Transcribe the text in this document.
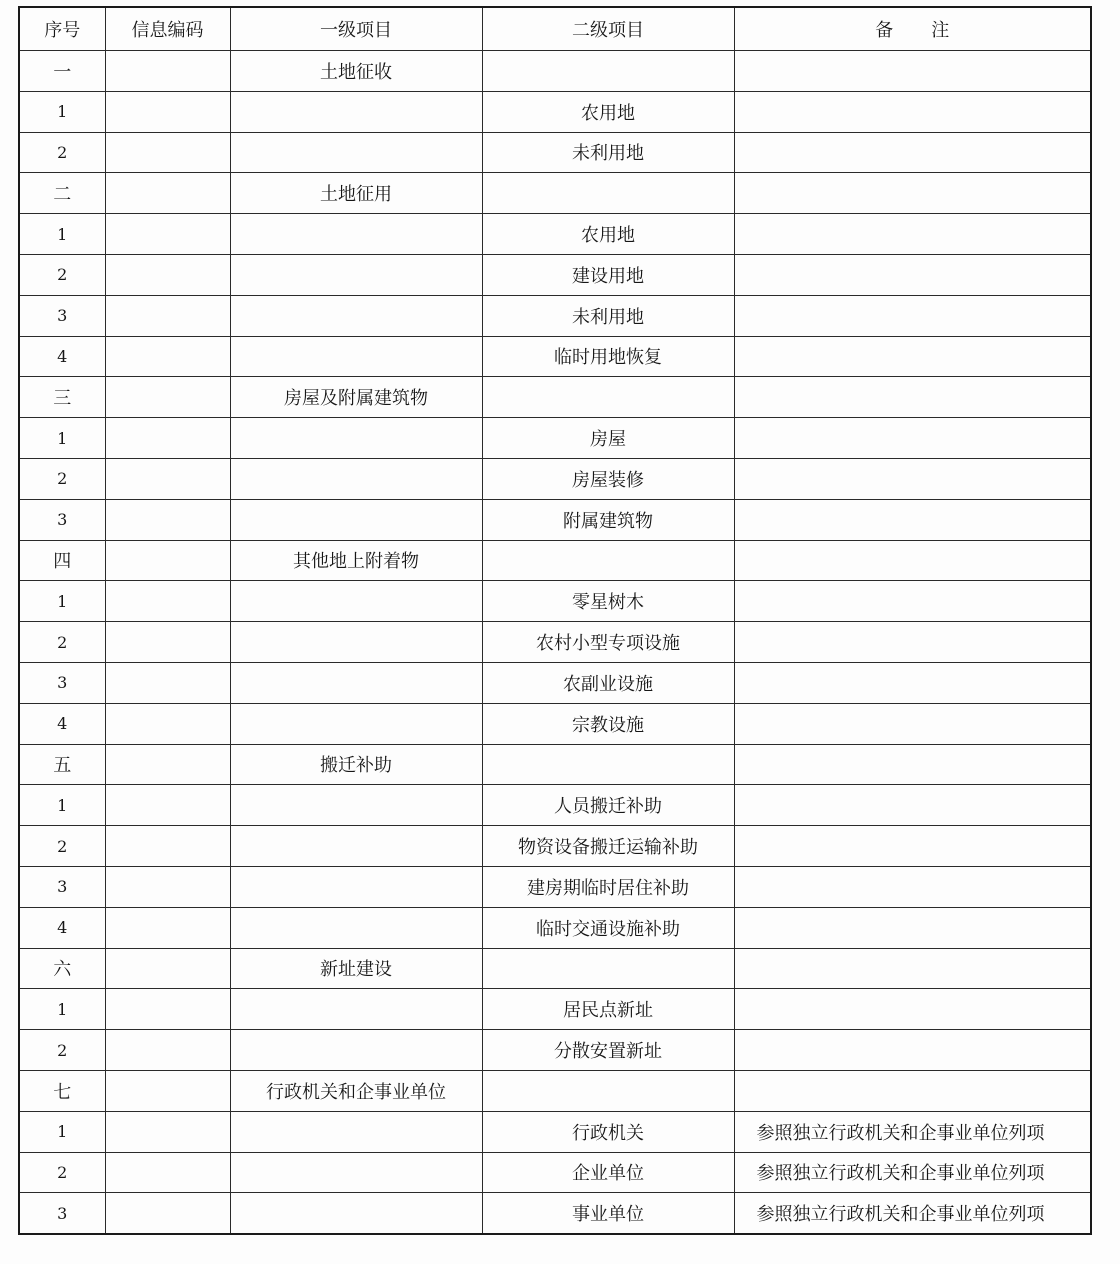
序号	信息编码	一级项目	二级项目	备注
一		土地征收		
1			农用地	
2			未利用地	
二		土地征用		
1			农用地	
2			建设用地	
3			未利用地	
4			临时用地恢复	
三		房屋及附属建筑物		
1			房屋	
2			房屋装修	
3			附属建筑物	
四		其他地上附着物		
1			零星树木	
2			农村小型专项设施	
3			农副业设施	
4			宗教设施	
五		搬迁补助		
1			人员搬迁补助	
2			物资设备搬迁运输补助	
3			建房期临时居住补助	
4			临时交通设施补助	
六		新址建设		
1			居民点新址	
2			分散安置新址	
七		行政机关和企事业单位		
1			行政机关	参照独立行政机关和企事业单位列项
2			企业单位	参照独立行政机关和企事业单位列项
3			事业单位	参照独立行政机关和企事业单位列项
